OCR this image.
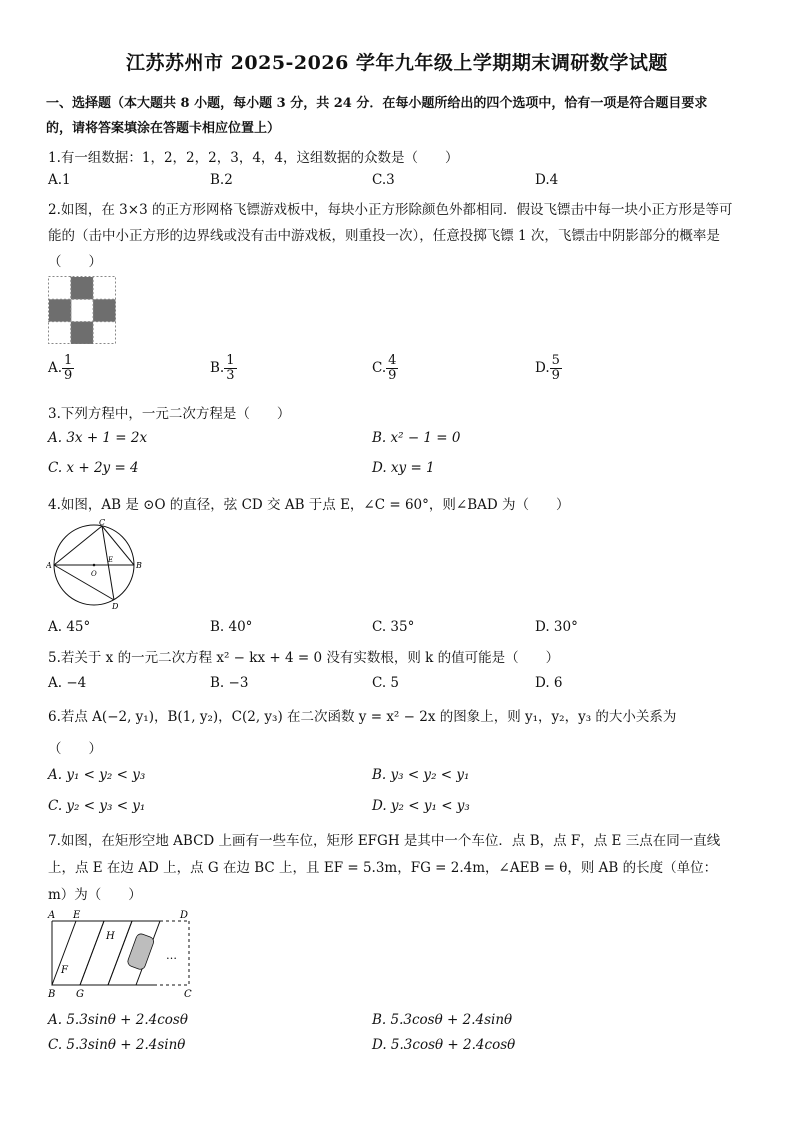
江苏苏州市 2025-2026 学年九年级上学期期末调研数学试题
一、选择题（本大题共 8 小题，每小题 3 分，共 24 分．在每小题所给出的四个选项中，恰有一项是符合题目要求
的，请将答案填涂在答题卡相应位置上）
1.有一组数据：1，2，2，2，3，4，4，这组数据的众数是（　　）
A.1	B.2	C.3	D.4
2.如图，在 3×3 的正方形网格飞镖游戏板中，每块小正方形除颜色外都相同．假设飞镖击中每一块小正方形是等可
能的（击中小正方形的边界线或没有击中游戏板，则重投一次），任意投掷飞镖 1 次，飞镖击中阴影部分的概率是
（　　）
A. $\frac{1}{9}$	B. $\frac{1}{3}$	C. $\frac{4}{9}$	D. $\frac{5}{9}$
3.下列方程中，一元二次方程是（　　）
A. 3x + 1 = 2x	B. x² − 1 = 0
C. x + 2y = 4	D. xy = 1
4.如图，AB 是 ⊙O 的直径，弦 CD 交 AB 于点 E，∠C = 60°，则∠BAD 为（　　）
A	B
C
D
E
O
A. 45°	B. 40°	C. 35°	D. 30°
5.若关于 x 的一元二次方程 x² − kx + 4 = 0 没有实数根，则 k 的值可能是（　　）
A. −4	B. −3	C. 5	D. 6
6.若点 A(−2, y₁)，B(1, y₂)，C(2, y₃) 在二次函数 y = x² − 2x 的图象上，则 y₁，y₂，y₃ 的大小关系为
（　　）
A. y₁ < y₂ < y₃	B. y₃ < y₂ < y₁
C. y₂ < y₃ < y₁	D. y₂ < y₁ < y₃
7.如图，在矩形空地 ABCD 上画有一些车位，矩形 EFGH 是其中一个车位．点 B，点 F，点 E 三点在同一直线
上，点 E 在边 AD 上，点 G 在边 BC 上，且 EF = 5.3m，FG = 2.4m，∠AEB = θ，则 AB 的长度（单位：
m）为（　　）
…
A E	D
H
F
B G	C
A. 5.3sinθ + 2.4cosθ	B. 5.3cosθ + 2.4sinθ
C. 5.3sinθ + 2.4sinθ	D. 5.3cosθ + 2.4cosθ
